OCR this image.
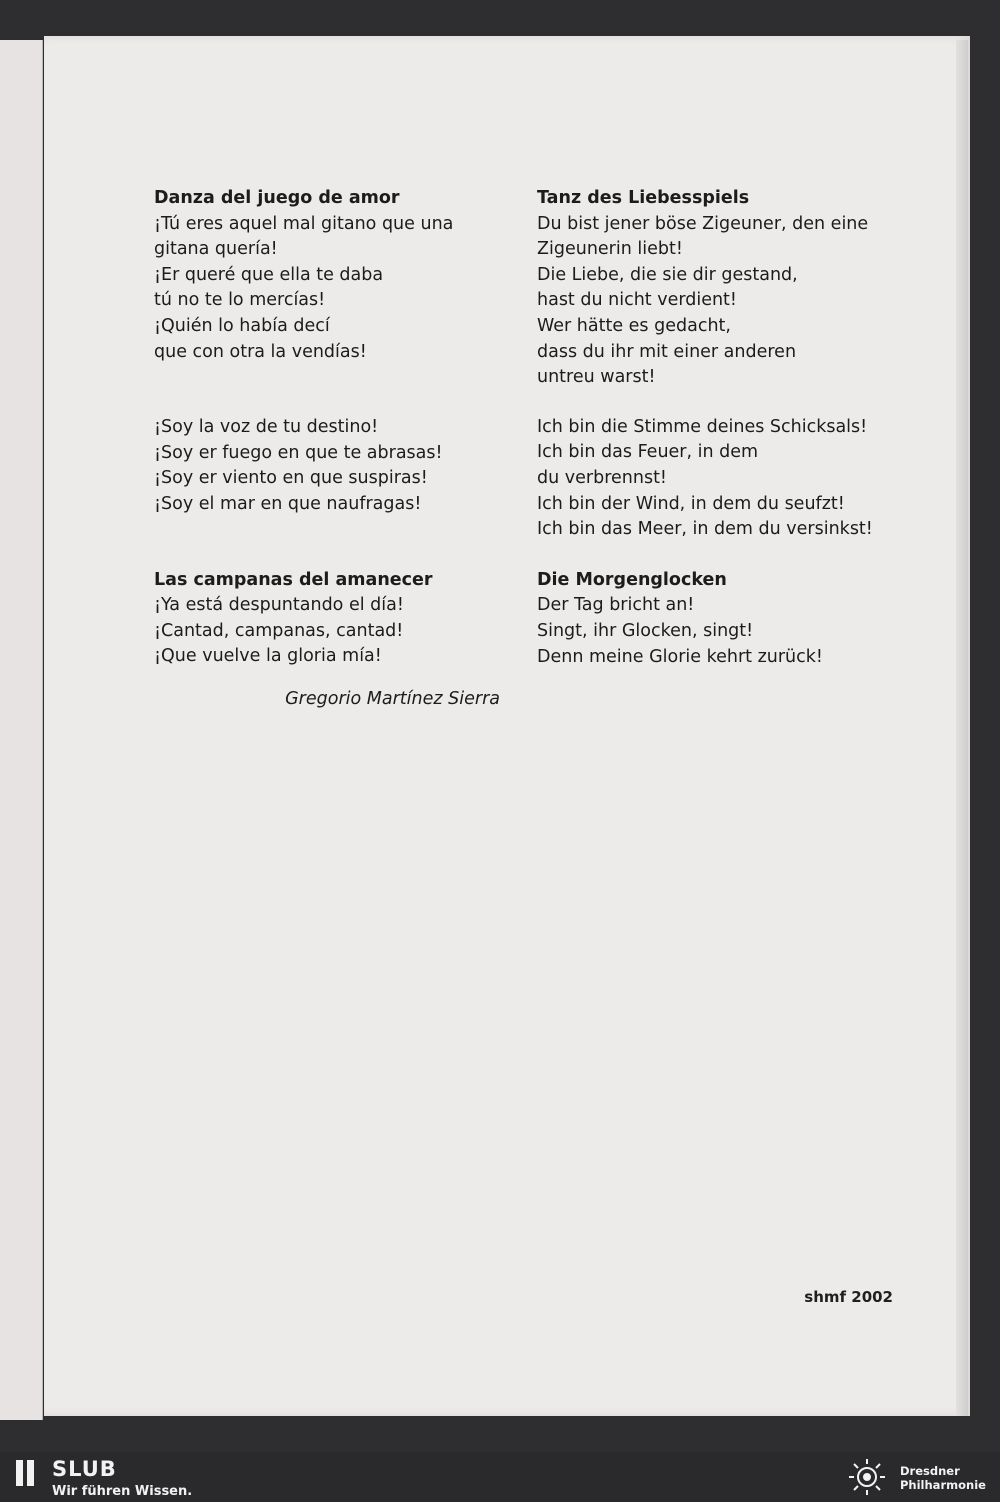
Danza del juego de amor

¡Tú eres aquel mal gitano que una

gitana quería!

¡Er queré que ella te daba

tú no te lo mercías!

¡Quién lo había decí

que con otra la vendías!

¡Soy la voz de tu destino!

¡Soy er fuego en que te abrasas!

¡Soy er viento en que suspiras!

¡Soy el mar en que naufragas!

Las campanas del amanecer

¡Ya está despuntando el día!

¡Cantad, campanas, cantad!

¡Que vuelve la gloria mía!

Gregorio Martínez Sierra

Tanz des Liebesspiels

Du bist jener böse Zigeuner, den eine

Zigeunerin liebt!

Die Liebe, die sie dir gestand,

hast du nicht verdient!

Wer hätte es gedacht,

dass du ihr mit einer anderen

untreu warst!

Ich bin die Stimme deines Schicksals!

Ich bin das Feuer, in dem

du verbrennst!

Ich bin der Wind, in dem du seufzt!

Ich bin das Meer, in dem du versinkst!

Die Morgenglocken

Der Tag bricht an!

Singt, ihr Glocken, singt!

Denn meine Glorie kehrt zurück!

shmf 2002
SLUB
Wir führen Wissen.
Dresdner
Philharmonie
